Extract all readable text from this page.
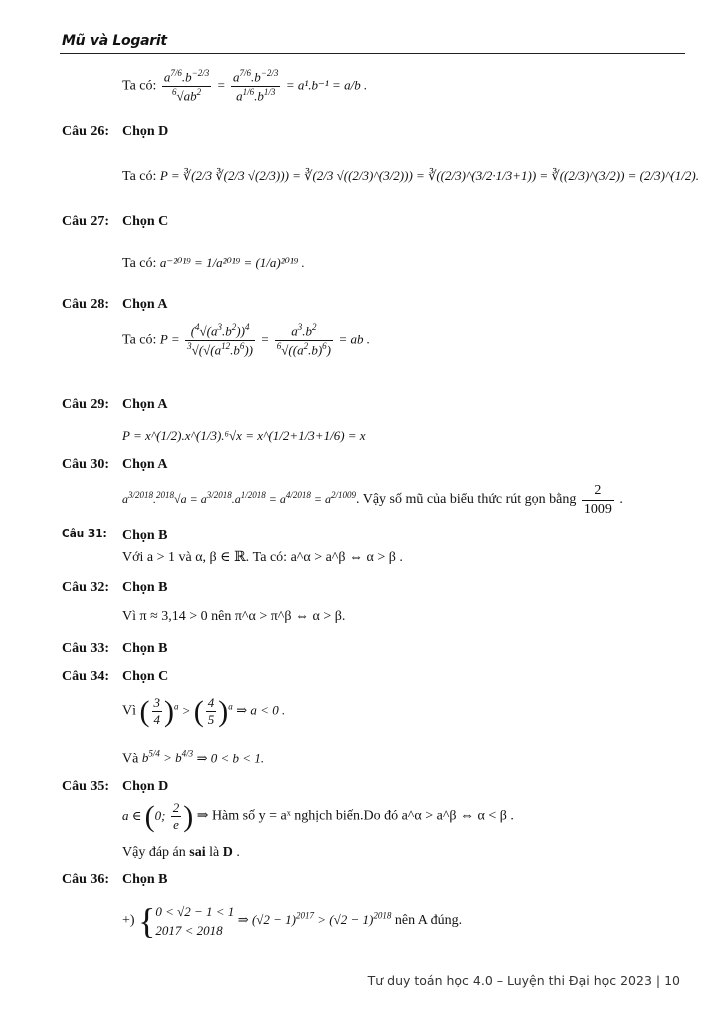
Mũ và Logarit
Ta có: $\frac{a^{7/6}.b^{-2/3}}{^6√ab^2} = \frac{a^{7/6}.b^{-2/3}}{a^{1/6}.b^{1/3}} = a^1.b^{-1} = a/b$ .
Câu 26: Chọn D
Ta có: P = ∛(2/3 ∛(2/3 √(2/3))) = ∛(2/3 √((2/3)^(3/2))) = ∛((2/3)^(3/2·1/3+1)) = ∛((2/3)^(3/2)) = (2/3)^(1/2).
Câu 27: Chọn C
Ta có: a⁻²⁰¹⁹ = 1/a²⁰¹⁹ = (1/a)²⁰¹⁹ .
Câu 28: Chọn A
Ta có: $P = \frac{(^4√(a^3.b^2))^4}{^3√(√(a^{12}.b^6))} = \frac{a^3.b^2}{^6√((a^2.b)^6)}$ = ab .
Câu 29: Chọn A
P = x^(1/2).x^(1/3).⁶√x = x^(1/2+1/3+1/6) = x
Câu 30: Chọn A
$a^{3/2018}.^{2018}√a = a^{3/2018}.a^{1/2018} = a^{4/2018} = a^{2/1009}$. Vậy số mũ của biểu thức rút gọn bằng $\frac{2}{1009}$ .
Câu 31: Chọn B
Với a > 1 và α, β ∈ ℝ. Ta có: a^α > a^β ⇔ α > β .
Câu 32: Chọn B
Vì π ≈ 3,14 > 0 nên π^α > π^β ⇔ α > β.
Câu 33: Chọn B
Câu 34: Chọn C
Vì ( $\frac{3}{4} )^a$ > ( $\frac{4}{5} )^a$ ⇒ a < 0 .
Và $b^{5/4} > b^{4/3}$ ⇒ 0 < b < 1.
Câu 35: Chọn D
a ∈ (0; $\frac{2}{e}$ ) ⇒ Hàm số y = aˣ nghịch biến.Do đó a^α > a^β ⇔ α < β .
Vậy đáp án sai là D .
Câu 36: Chọn B
+) {0 < √2 − 1 < 1
2017 < 2018 ⇒ $(√2 - 1)^{2017} > (√2 - 1)^{2018}$ nên A đúng.
Tư duy toán học 4.0 – Luyện thi Đại học 2023 | 10
